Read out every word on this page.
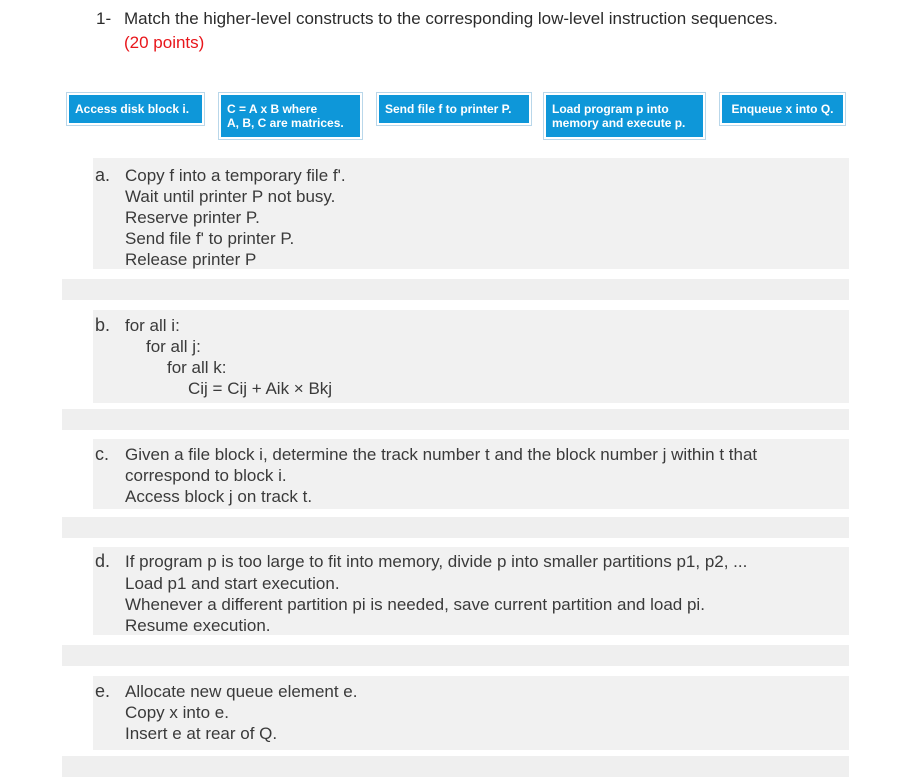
1- Match the higher-level constructs to the corresponding low-level instruction sequences.
(20 points)
Access disk block i.	C = A x B where
A, B, C are matrices.
Send file f to printer P.	Load program p into
memory and execute p.
Enqueue x into Q.
a. Copy f into a temporary file f'.
Wait until printer P not busy.
Reserve printer P.
Send file f' to printer P.
Release printer P
b. for all i:
for all j:
for all k:
Cij = Cij + Aik × Bkj
c. Given a file block i, determine the track number t and the block number j within t that
correspond to block i.
Access block j on track t.
d. If program p is too large to fit into memory, divide p into smaller partitions p1, p2, ...
Load p1 and start execution.
Whenever a different partition pi is needed, save current partition and load pi.
Resume execution.
e. Allocate new queue element e.
Copy x into e.
Insert e at rear of Q.
